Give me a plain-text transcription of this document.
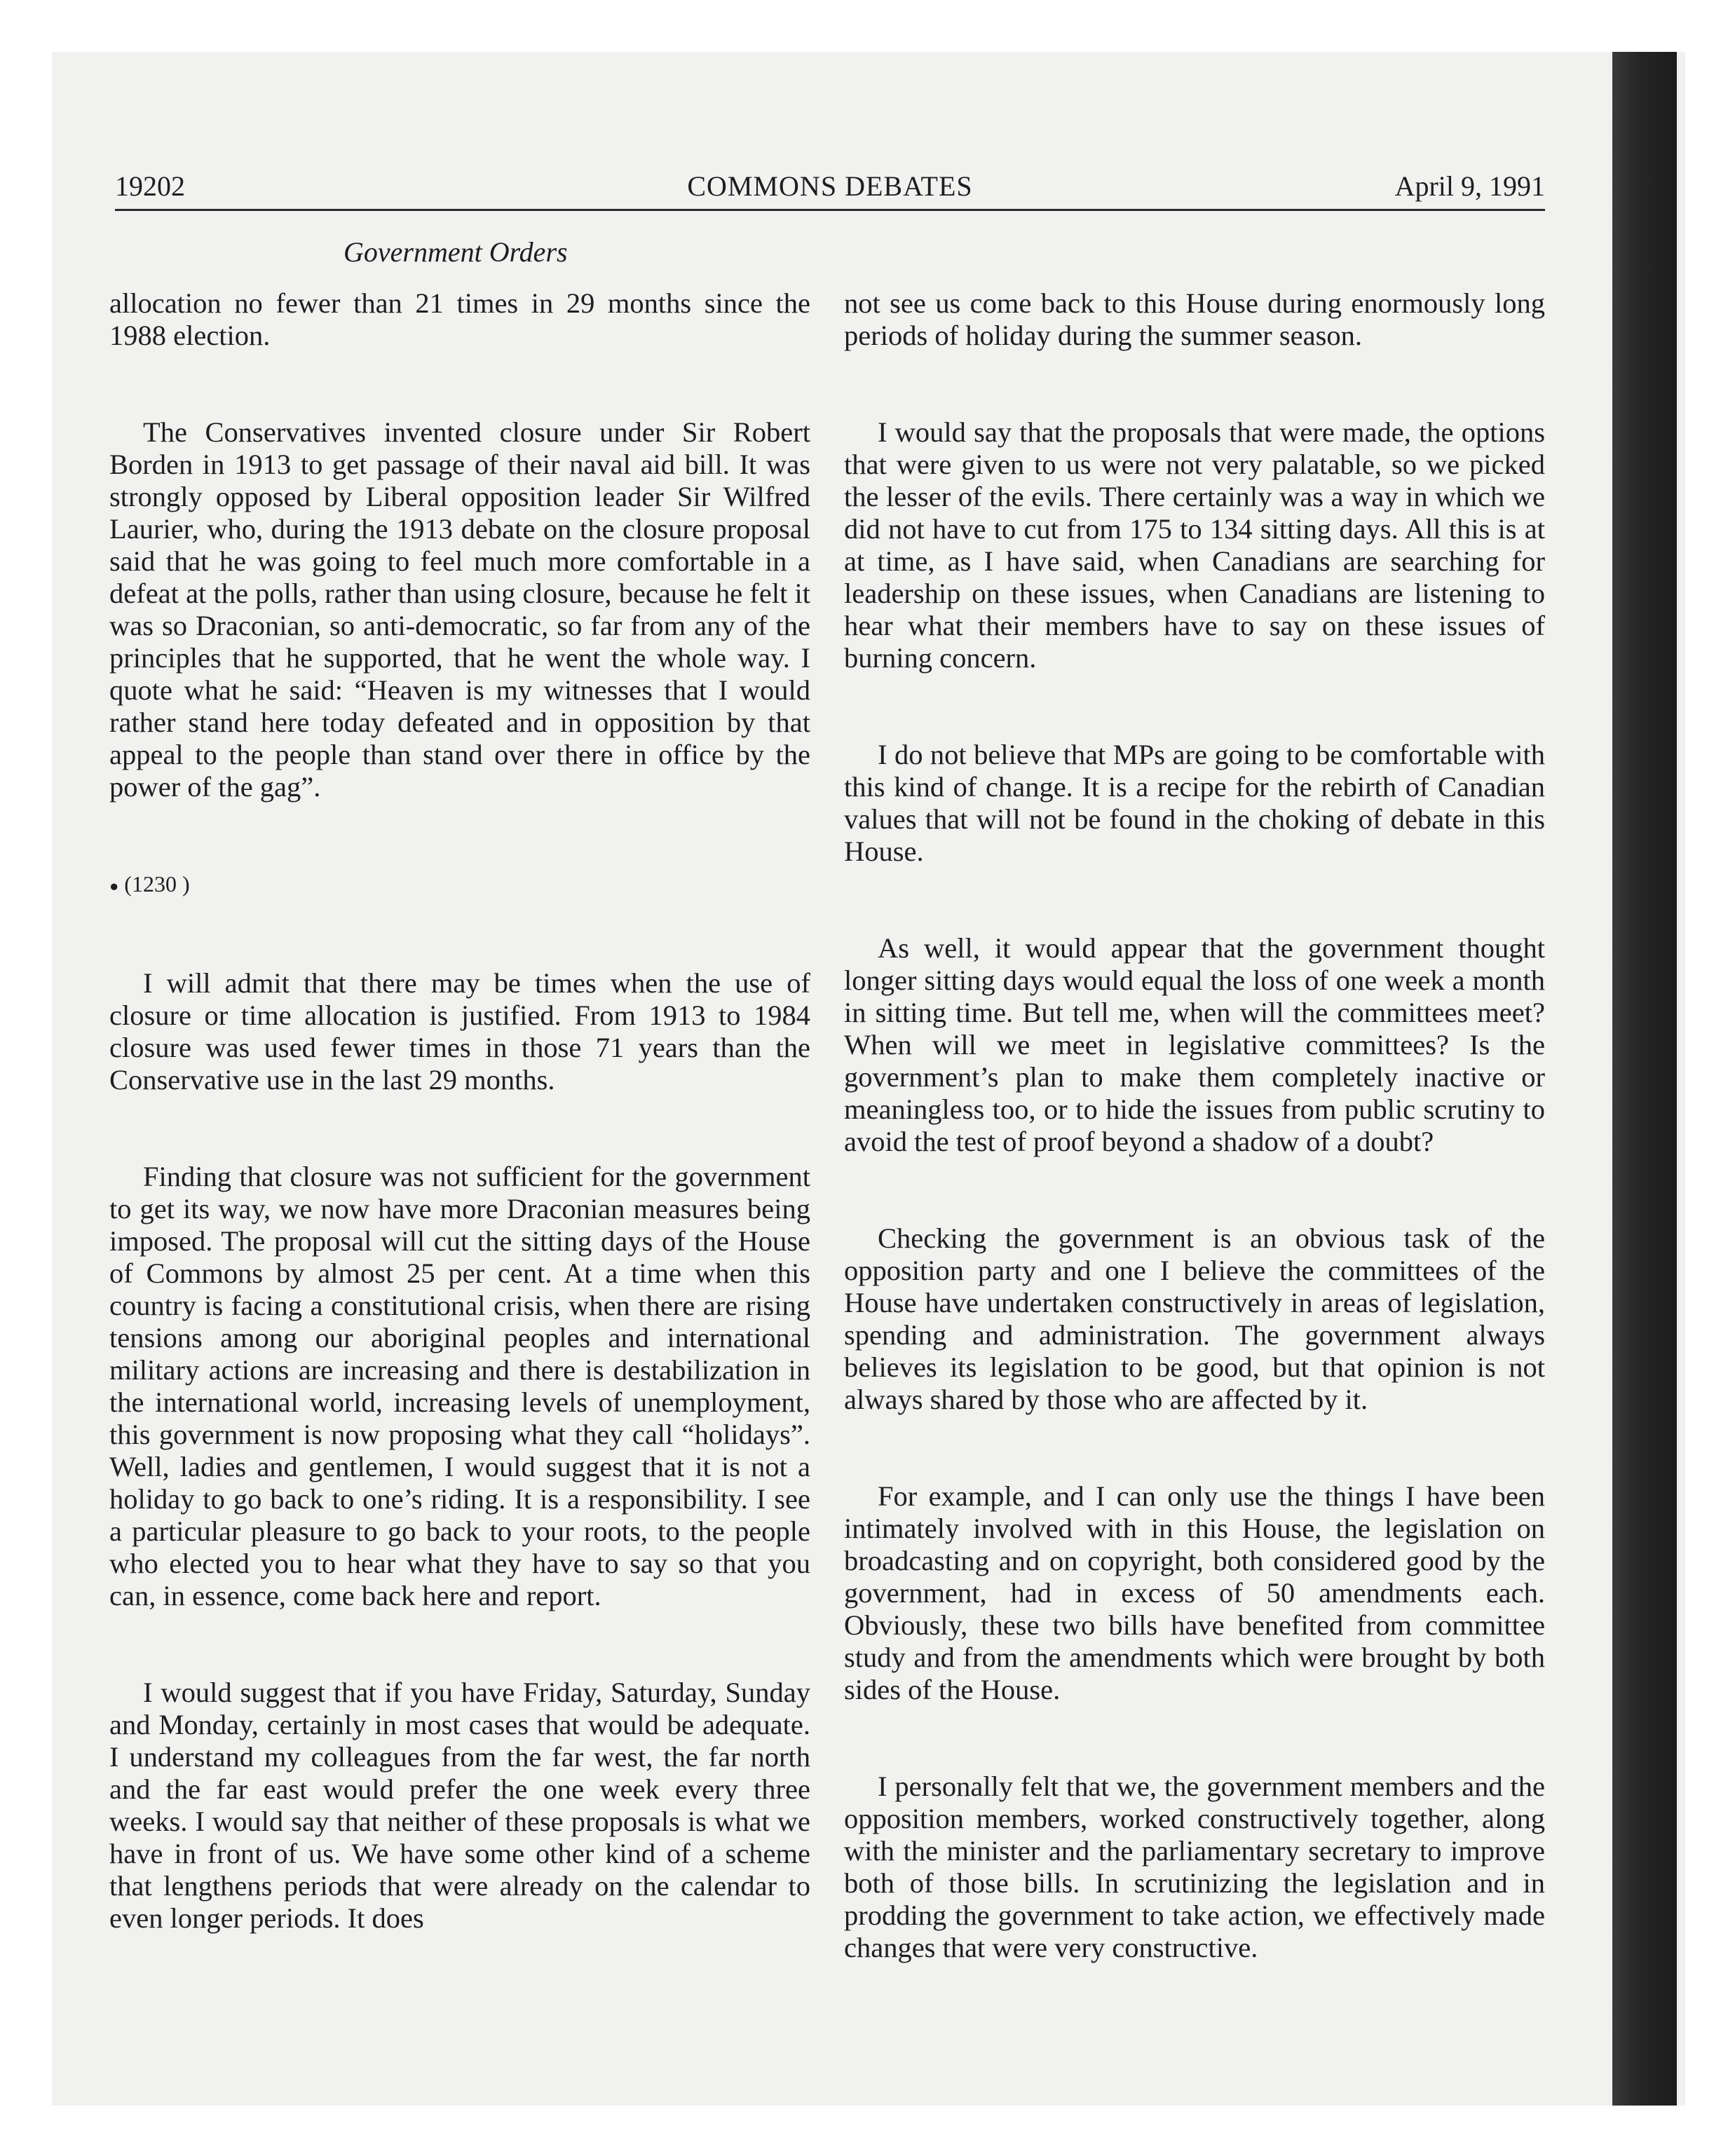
19202	COMMONS DEBATES	April 9, 1991
Government Orders

allocation no fewer than 21 times in 29 months since the 1988 election.

The Conservatives invented closure under Sir Robert Borden in 1913 to get passage of their naval aid bill. It was strongly opposed by Liberal opposition leader Sir Wilfred Laurier, who, during the 1913 debate on the closure proposal said that he was going to feel much more comfortable in a defeat at the polls, rather than using closure, because he felt it was so Draconian, so anti-democratic, so far from any of the principles that he supported, that he went the whole way. I quote what he said: “Heaven is my witnesses that I would rather stand here today defeated and in opposition by that appeal to the people than stand over there in office by the power of the gag”.

● (1230 )

I will admit that there may be times when the use of closure or time allocation is justified. From 1913 to 1984 closure was used fewer times in those 71 years than the Conservative use in the last 29 months.

Finding that closure was not sufficient for the government to get its way, we now have more Draconian measures being imposed. The proposal will cut the sitting days of the House of Commons by almost 25 per cent. At a time when this country is facing a constitutional crisis, when there are rising tensions among our aboriginal peoples and international military actions are increasing and there is destabilization in the international world, increasing levels of unemployment, this government is now proposing what they call “holidays”. Well, ladies and gentlemen, I would suggest that it is not a holiday to go back to one’s riding. It is a responsibility. I see a particular pleasure to go back to your roots, to the people who elected you to hear what they have to say so that you can, in essence, come back here and report.

I would suggest that if you have Friday, Saturday, Sunday and Monday, certainly in most cases that would be adequate. I understand my colleagues from the far west, the far north and the far east would prefer the one week every three weeks. I would say that neither of these proposals is what we have in front of us. We have some other kind of a scheme that lengthens periods that were already on the calendar to even longer periods. It does

not see us come back to this House during enormously long periods of holiday during the summer season.

I would say that the proposals that were made, the options that were given to us were not very palatable, so we picked the lesser of the evils. There certainly was a way in which we did not have to cut from 175 to 134 sitting days. All this is at at time, as I have said, when Canadians are searching for leadership on these issues, when Canadians are listening to hear what their members have to say on these issues of burning concern.

I do not believe that MPs are going to be comfortable with this kind of change. It is a recipe for the rebirth of Canadian values that will not be found in the choking of debate in this House.

As well, it would appear that the government thought longer sitting days would equal the loss of one week a month in sitting time. But tell me, when will the committees meet? When will we meet in legislative committees? Is the government’s plan to make them completely inactive or meaningless too, or to hide the issues from public scrutiny to avoid the test of proof beyond a shadow of a doubt?

Checking the government is an obvious task of the opposition party and one I believe the committees of the House have undertaken constructively in areas of legislation, spending and administration. The government always believes its legislation to be good, but that opinion is not always shared by those who are affected by it.

For example, and I can only use the things I have been intimately involved with in this House, the legislation on broadcasting and on copyright, both considered good by the government, had in excess of 50 amendments each. Obviously, these two bills have benefited from committee study and from the amendments which were brought by both sides of the House.

I personally felt that we, the government members and the opposition members, worked constructively together, along with the minister and the parliamentary secretary to improve both of those bills. In scrutinizing the legislation and in prodding the government to take action, we effectively made changes that were very constructive.
